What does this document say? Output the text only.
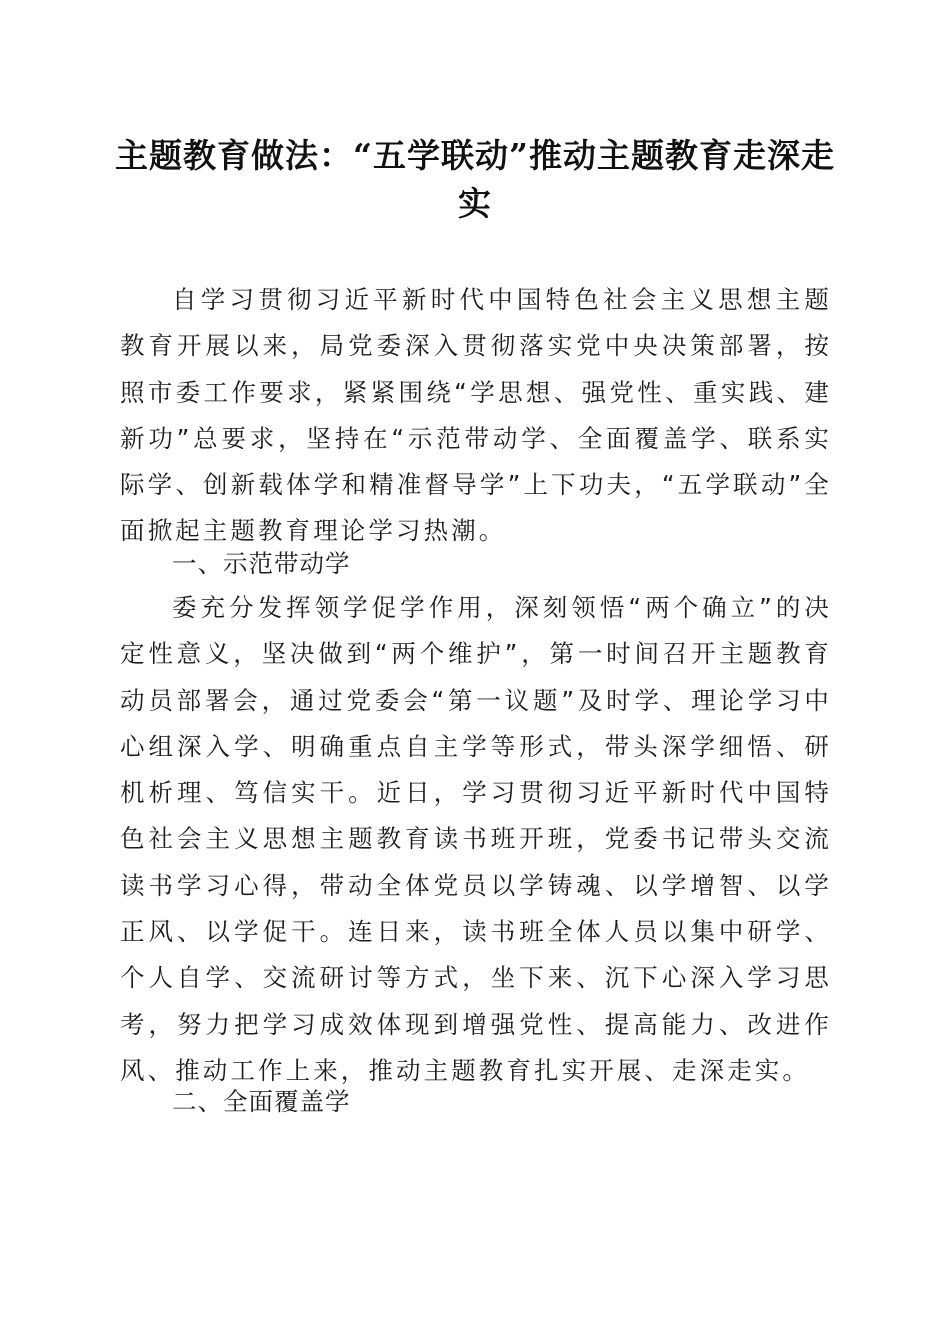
主题教育做法：“五学联动”推动主题教育走深走实

自学习贯彻习近平新时代中国特色社会主义思想主题教育开展以来，局党委深入贯彻落实党中央决策部署，按照市委工作要求，紧紧围绕“学思想、强党性、重实践、建新功”总要求，坚持在“示范带动学、全面覆盖学、联系实际学、创新载体学和精准督导学”上下功夫，“五学联动”全面掀起主题教育理论学习热潮。

一、示范带动学

委充分发挥领学促学作用，深刻领悟“两个确立”的决定性意义，坚决做到“两个维护”，第一时间召开主题教育动员部署会，通过党委会“第一议题”及时学、理论学习中心组深入学、明确重点自主学等形式，带头深学细悟、研机析理、笃信实干。近日，学习贯彻习近平新时代中国特色社会主义思想主题教育读书班开班，党委书记带头交流读书学习心得，带动全体党员以学铸魂、以学增智、以学正风、以学促干。连日来，读书班全体人员以集中研学、个人自学、交流研讨等方式，坐下来、沉下心深入学习思考，努力把学习成效体现到增强党性、提高能力、改进作风、推动工作上来，推动主题教育扎实开展、走深走实。

二、全面覆盖学
